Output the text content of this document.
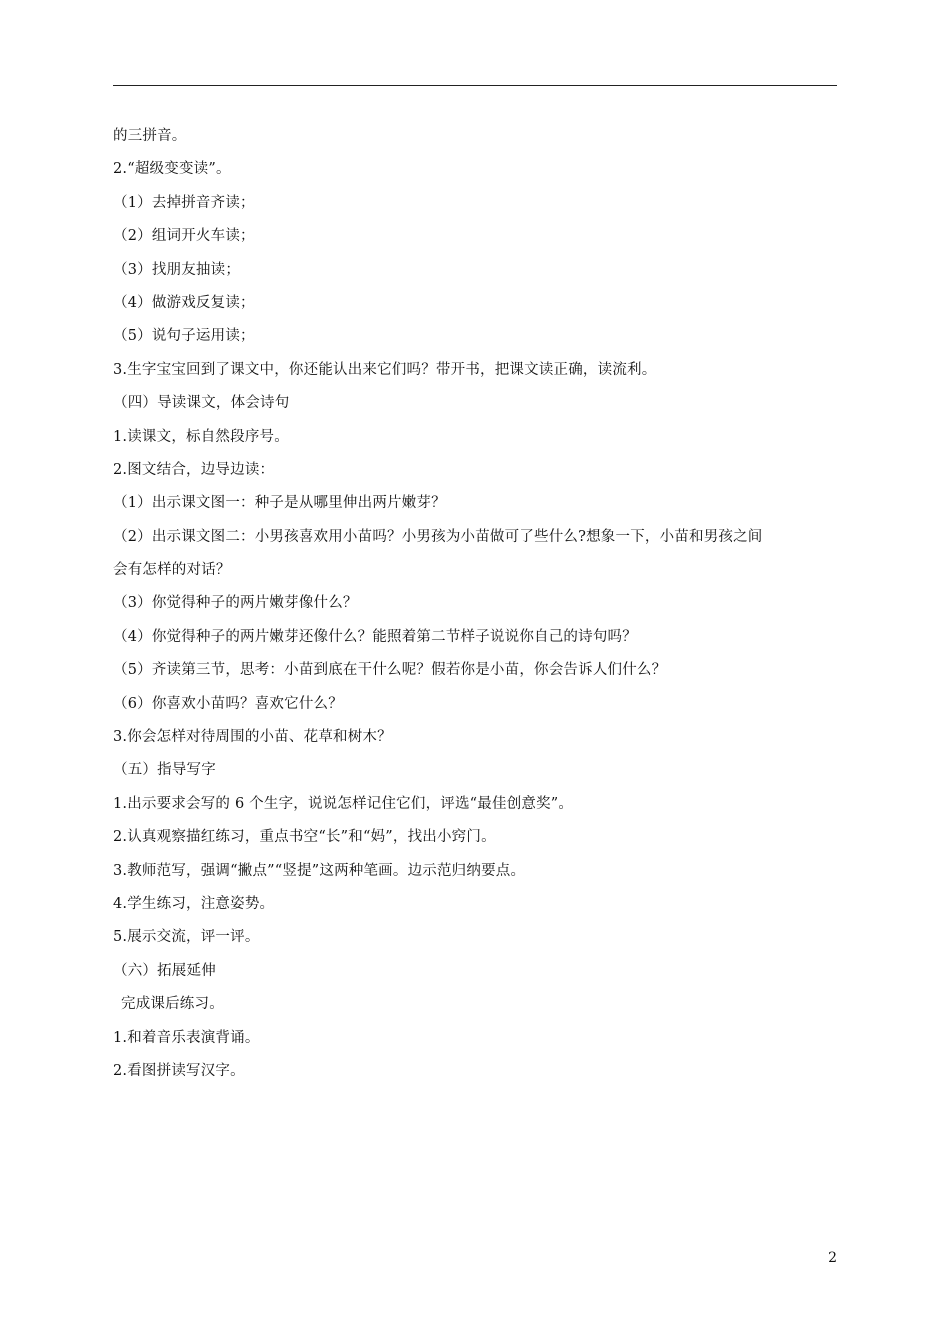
的三拼音。
2.“超级变变读”。
（1）去掉拼音齐读；
（2）组词开火车读；
（3）找朋友抽读；
（4）做游戏反复读；
（5）说句子运用读；
3.生字宝宝回到了课文中，你还能认出来它们吗？带开书，把课文读正确，读流利。
（四）导读课文，体会诗句
1.读课文，标自然段序号。
2.图文结合，边导边读：
（1）出示课文图一：种子是从哪里伸出两片嫩芽？
（2）出示课文图二：小男孩喜欢用小苗吗？小男孩为小苗做可了些什么?想象一下，小苗和男孩之间
会有怎样的对话？
（3）你觉得种子的两片嫩芽像什么？
（4）你觉得种子的两片嫩芽还像什么？能照着第二节样子说说你自己的诗句吗？
（5）齐读第三节，思考：小苗到底在干什么呢？假若你是小苗，你会告诉人们什么？
（6）你喜欢小苗吗？喜欢它什么？
3.你会怎样对待周围的小苗、花草和树木？
（五）指导写字
1.出示要求会写的 6 个生字，说说怎样记住它们，评选“最佳创意奖”。
2.认真观察描红练习，重点书空“长”和“妈”，找出小窍门。
3.教师范写，强调“撇点”“竖提”这两种笔画。边示范归纳要点。
4.学生练习，注意姿势。
5.展示交流，评一评。
（六）拓展延伸
完成课后练习。
1.和着音乐表演背诵。
2.看图拼读写汉字。
2
